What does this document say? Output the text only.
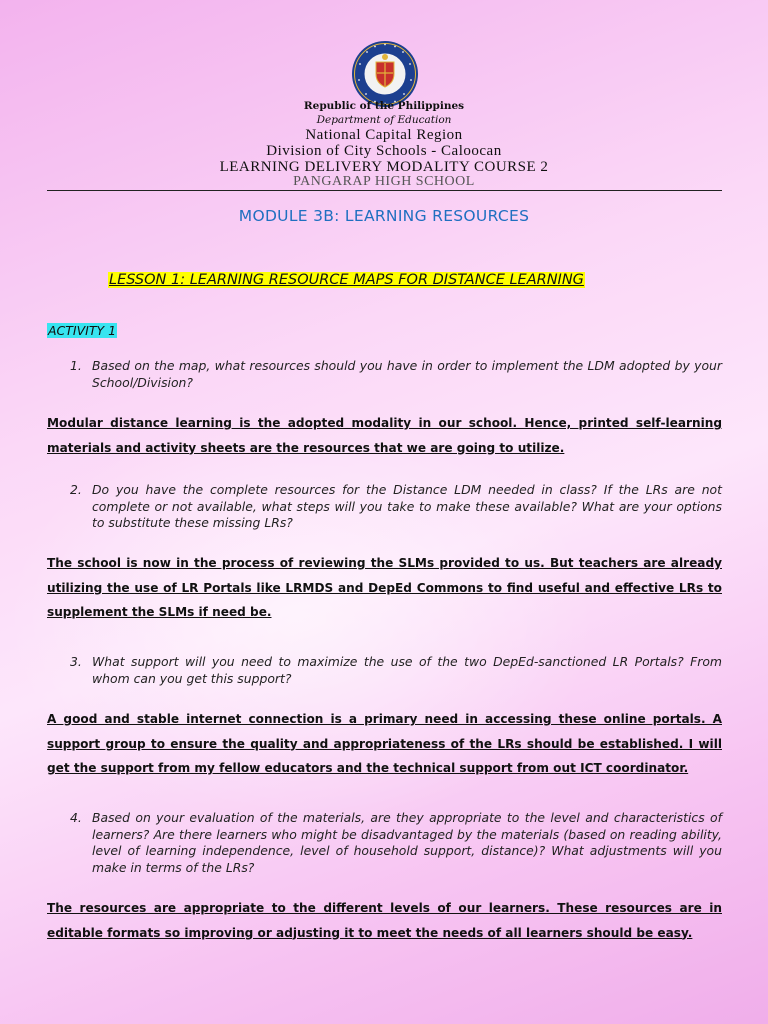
Republic of the Philippines
Department of Education
National Capital Region
Division of City Schools - Caloocan
LEARNING DELIVERY MODALITY COURSE 2
PANGARAP HIGH SCHOOL
MODULE 3B: LEARNING RESOURCES
LESSON 1: LEARNING RESOURCE MAPS FOR DISTANCE LEARNING
ACTIVITY 1
1. Based on the map, what resources should you have in order to implement the LDM adopted by your School/Division?
Modular distance learning is the adopted modality in our school. Hence, printed self-learning materials and activity sheets are the resources that we are going to utilize.
2. Do you have the complete resources for the Distance LDM needed in class? If the LRs are not complete or not available, what steps will you take to make these available? What are your options to substitute these missing LRs?
The school is now in the process of reviewing the SLMs provided to us. But teachers are already utilizing the use of LR Portals like LRMDS and DepEd Commons to find useful and effective LRs to supplement the SLMs if need be.
3. What support will you need to maximize the use of the two DepEd-sanctioned LR Portals? From whom can you get this support?
A good and stable internet connection is a primary need in accessing these online portals. A support group to ensure the quality and appropriateness of the LRs should be established. I will get the support from my fellow educators and the technical support from out ICT coordinator.
4. Based on your evaluation of the materials, are they appropriate to the level and characteristics of learners? Are there learners who might be disadvantaged by the materials (based on reading ability, level of learning independence, level of household support, distance)? What adjustments will you make in terms of the LRs?
The resources are appropriate to the different levels of our learners. These resources are in editable formats so improving or adjusting it to meet the needs of all learners should be easy.
